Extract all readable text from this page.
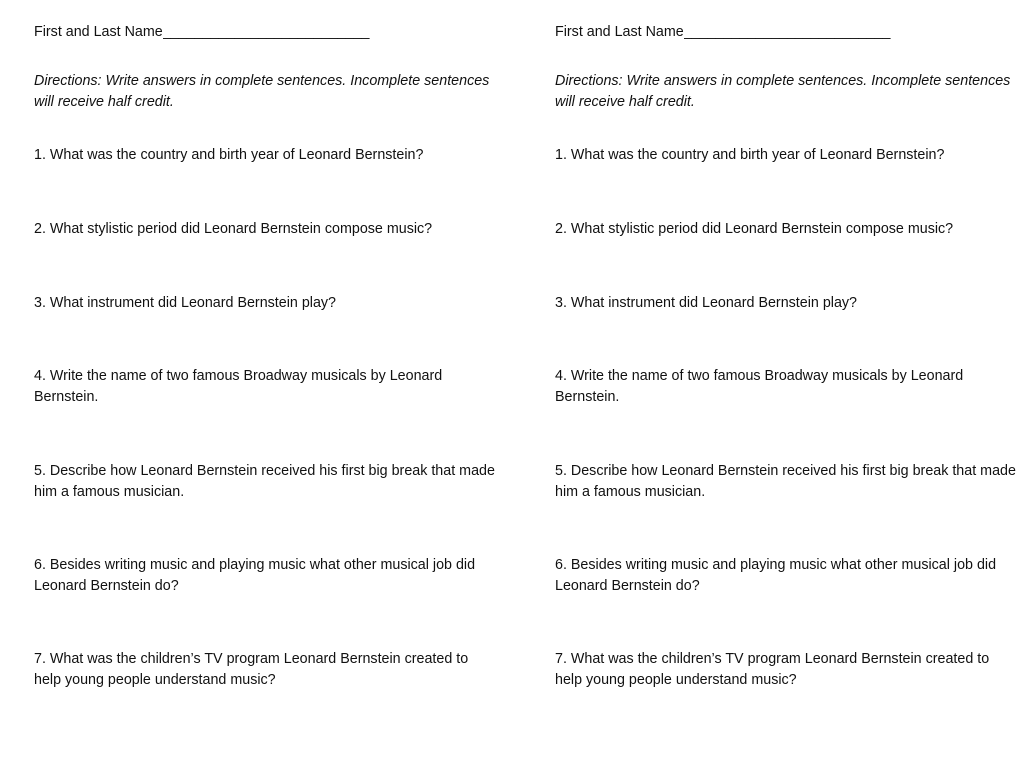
First and Last Name__________________________
Directions: Write answers in complete sentences. Incomplete sentences will receive half credit.
1. What was the country and birth year of Leonard Bernstein?
2. What stylistic period did Leonard Bernstein compose music?
3. What instrument did Leonard Bernstein play?
4. Write the name of two famous Broadway musicals by Leonard Bernstein.
5. Describe how Leonard Bernstein received his first big break that made him a famous musician.
6. Besides writing music and playing music what other musical job did Leonard Bernstein do?
7. What was the children’s TV program Leonard Bernstein created to help young people understand music?
First and Last Name__________________________
Directions: Write answers in complete sentences. Incomplete sentences will receive half credit.
1. What was the country and birth year of Leonard Bernstein?
2. What stylistic period did Leonard Bernstein compose music?
3. What instrument did Leonard Bernstein play?
4. Write the name of two famous Broadway musicals by Leonard Bernstein.
5. Describe how Leonard Bernstein received his first big break that made him a famous musician.
6. Besides writing music and playing music what other musical job did Leonard Bernstein do?
7. What was the children’s TV program Leonard Bernstein created to help young people understand music?
